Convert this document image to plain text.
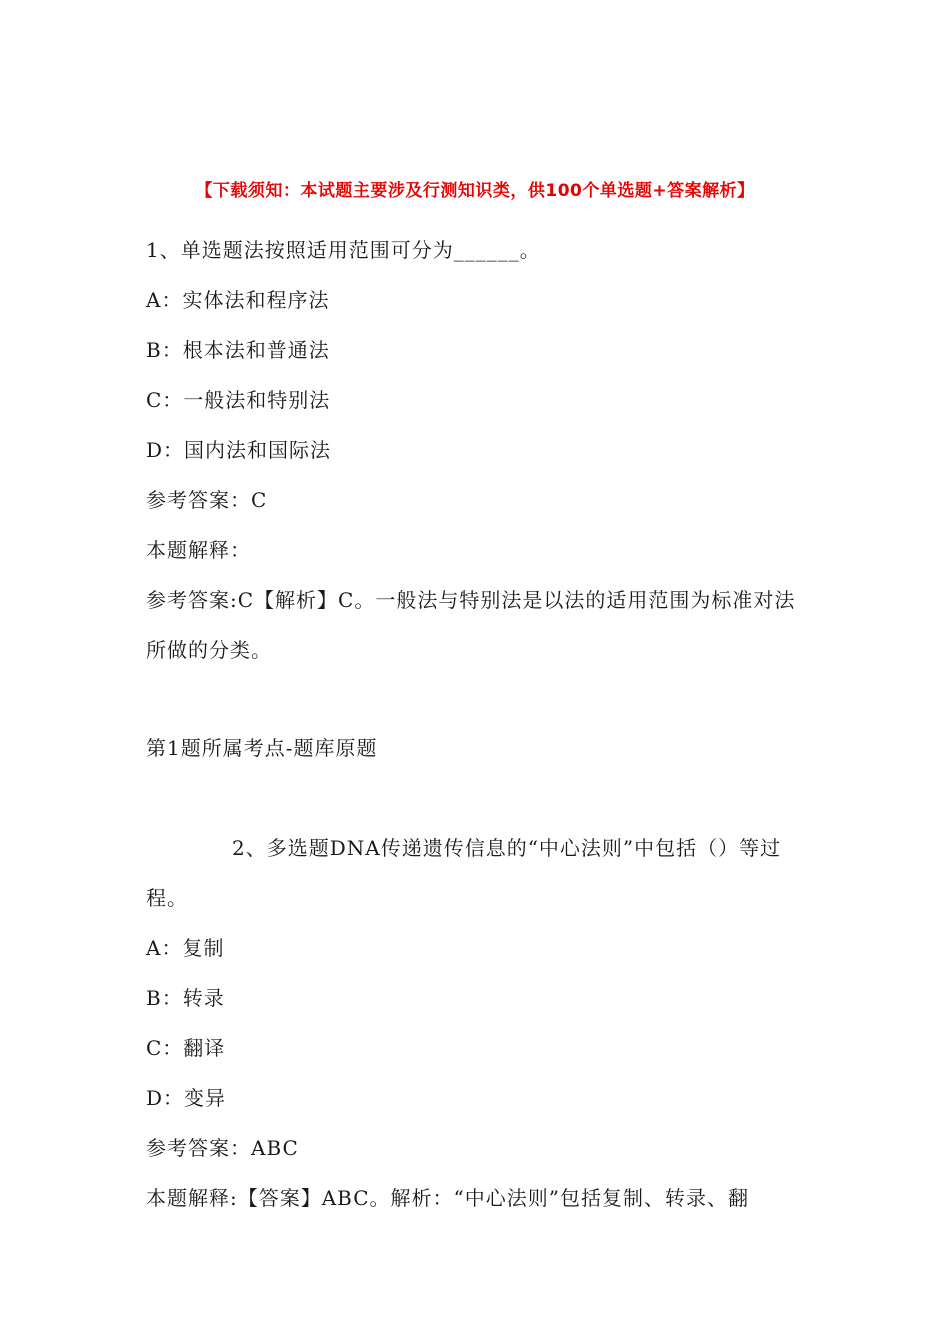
【下载须知：本试题主要涉及行测知识类，供100个单选题+答案解析】
1、单选题法按照适用范围可分为______。
A：实体法和程序法
B：根本法和普通法
C：一般法和特别法
D：国内法和国际法
参考答案：C
本题解释：
参考答案:C【解析】C。一般法与特别法是以法的适用范围为标准对法所做的分类。
第1题所属考点-题库原题
2、多选题DNA传递遗传信息的“中心法则”中包括（）等过程。
A：复制
B：转录
C：翻译
D：变异
参考答案：ABC
本题解释:【答案】ABC。解析：“中心法则”包括复制、转录、翻
